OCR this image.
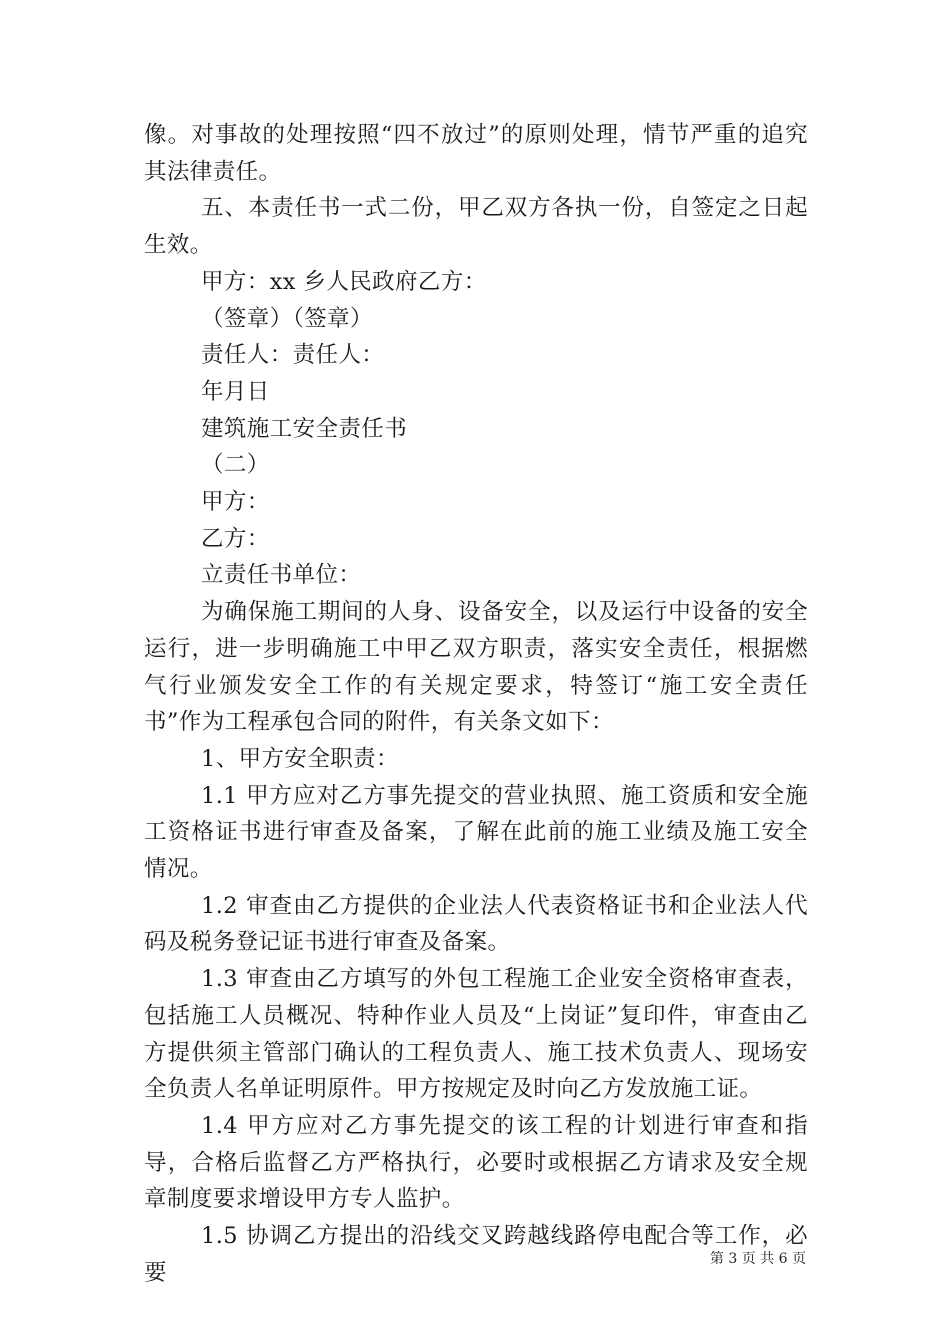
像。对事故的处理按照“四不放过”的原则处理，情节严重的追究其法律责任。

五、本责任书一式二份，甲乙双方各执一份，自签定之日起生效。

甲方：xx 乡人民政府乙方：

（签章）（签章）

责任人：责任人：

年月日

建筑施工安全责任书

（二）

甲方：

乙方：

立责任书单位：

为确保施工期间的人身、设备安全，以及运行中设备的安全运行，进一步明确施工中甲乙双方职责，落实安全责任，根据燃气行业颁发安全工作的有关规定要求，特签订“施工安全责任书”作为工程承包合同的附件，有关条文如下：

1、甲方安全职责：

1.1 甲方应对乙方事先提交的营业执照、施工资质和安全施工资格证书进行审查及备案，了解在此前的施工业绩及施工安全情况。

1.2 审查由乙方提供的企业法人代表资格证书和企业法人代码及税务登记证书进行审查及备案。

1.3 审查由乙方填写的外包工程施工企业安全资格审查表，包括施工人员概况、特种作业人员及“上岗证”复印件，审查由乙方提供须主管部门确认的工程负责人、施工技术负责人、现场安全负责人名单证明原件。甲方按规定及时向乙方发放施工证。

1.4 甲方应对乙方事先提交的该工程的计划进行审查和指导，合格后监督乙方严格执行，必要时或根据乙方请求及安全规章制度要求增设甲方专人监护。

1.5 协调乙方提出的沿线交叉跨越线路停电配合等工作，必要

第 3 页 共 6 页
